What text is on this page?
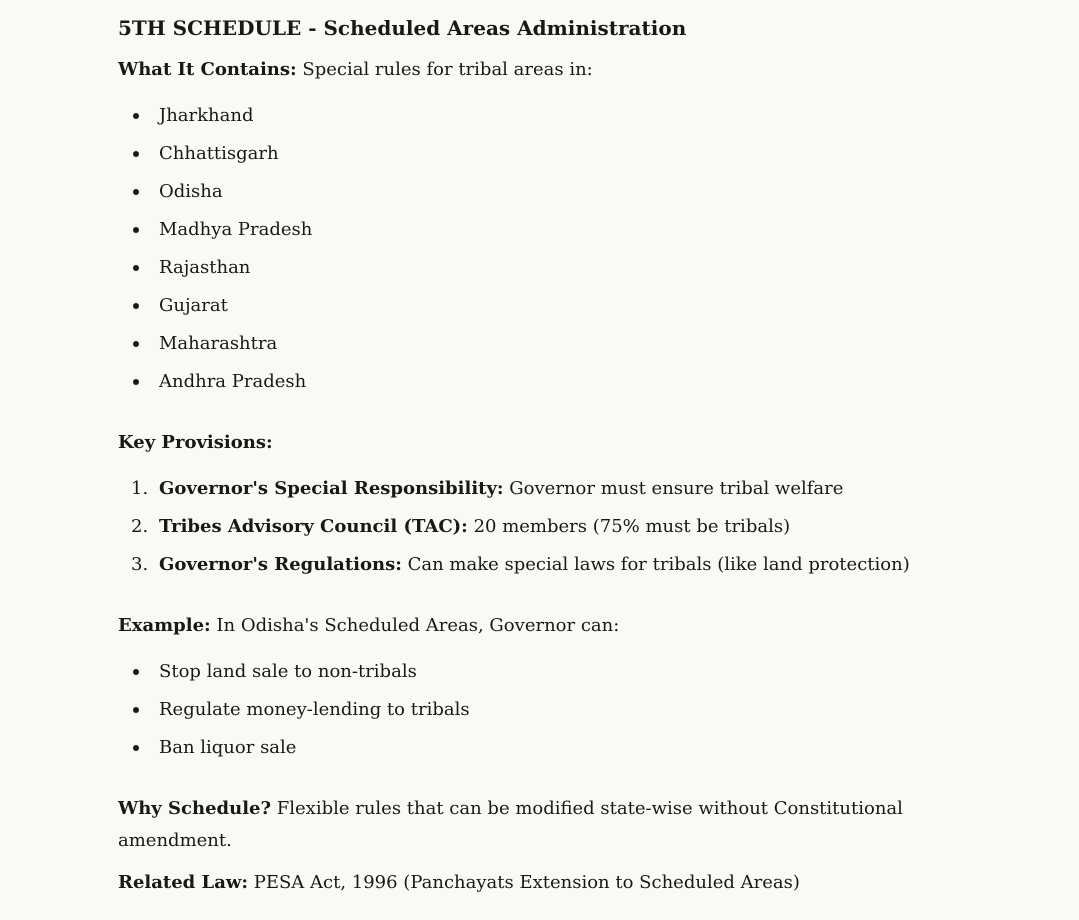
5TH SCHEDULE - Scheduled Areas Administration

What It Contains: Special rules for tribal areas in:

Jharkhand
Chhattisgarh
Odisha
Madhya Pradesh
Rajasthan
Gujarat
Maharashtra
Andhra Pradesh

Key Provisions:

1. Governor's Special Responsibility: Governor must ensure tribal welfare
2. Tribes Advisory Council (TAC): 20 members (75% must be tribals)
3. Governor's Regulations: Can make special laws for tribals (like land protection)

Example: In Odisha's Scheduled Areas, Governor can:

Stop land sale to non-tribals
Regulate money-lending to tribals
Ban liquor sale

Why Schedule? Flexible rules that can be modified state-wise without Constitutional amendment.

Related Law: PESA Act, 1996 (Panchayats Extension to Scheduled Areas)
